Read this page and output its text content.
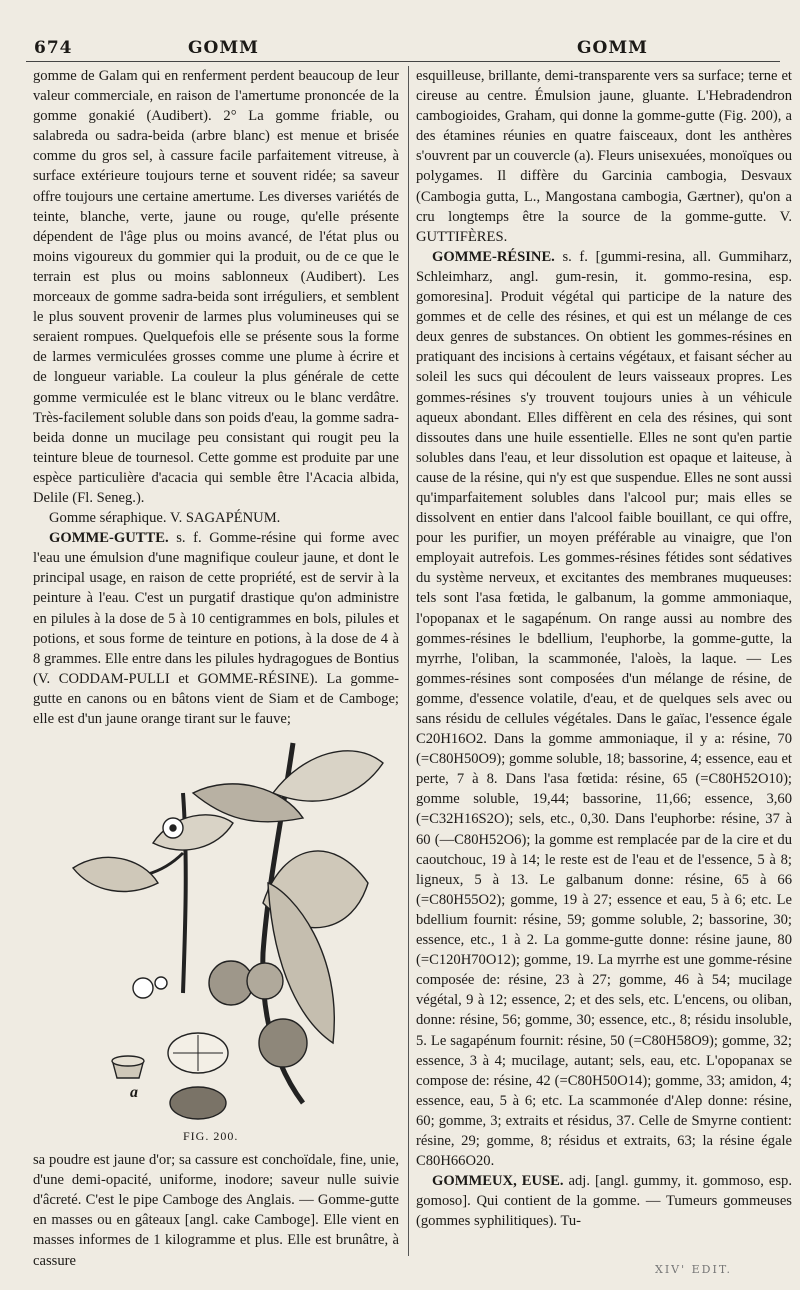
674	GOMM	GOMM

gomme de Galam qui en renferment perdent beaucoup de leur valeur commerciale, en raison de l'amertume prononcée de la gomme gonakié (Audibert). 2° La gomme friable, ou salabreda ou sadra-beida (arbre blanc) est menue et brisée comme du gros sel, à cassure facile parfaitement vitreuse, à surface extérieure toujours terne et souvent ridée; sa saveur offre toujours une certaine amertume. Les diverses variétés de teinte, blanche, verte, jaune ou rouge, qu'elle présente dépendent de l'âge plus ou moins avancé, de l'état plus ou moins vigoureux du gommier qui la produit, ou de ce que le terrain est plus ou moins sablonneux (Audibert). Les morceaux de gomme sadra-beida sont irréguliers, et semblent le plus souvent provenir de larmes plus volumineuses qui se seraient rompues. Quelquefois elle se présente sous la forme de larmes vermiculées grosses comme une plume à écrire et de longueur variable. La couleur la plus générale de cette gomme vermiculée est le blanc vitreux ou le blanc verdâtre. Très-facilement soluble dans son poids d'eau, la gomme sadra-beida donne un mucilage peu consistant qui rougit peu la teinture bleue de tournesol. Cette gomme est produite par une espèce particulière d'acacia qui semble être l'Acacia albida, Delile (Fl. Seneg.).

Gomme séraphique. V. SAGAPÉNUM.

GOMME-GUTTE. s. f. Gomme-résine qui forme avec l'eau une émulsion d'une magnifique couleur jaune, et dont le principal usage, en raison de cette propriété, est de servir à la peinture à l'eau. C'est un purgatif drastique qu'on administre en pilules à la dose de 5 à 10 centigrammes en bols, pilules et potions, et sous forme de teinture en potions, à la dose de 4 à 8 grammes. Elle entre dans les pilules hydragogues de Bontius (V. CODDAM-PULLI et GOMME-RÉSINE). La gomme-gutte en canons ou en bâtons vient de Siam et de Camboge; elle est d'un jaune orange tirant sur le fauve;

a
FIG. 200.

sa poudre est jaune d'or; sa cassure est conchoïdale, fine, unie, d'une demi-opacité, uniforme, inodore; saveur nulle suivie d'âcreté. C'est le pipe Camboge des Anglais. — Gomme-gutte en masses ou en gâteaux [angl. cake Camboge]. Elle vient en masses informes de 1 kilogramme et plus. Elle est brunâtre, à cassure

esquilleuse, brillante, demi-transparente vers sa surface; terne et cireuse au centre. Émulsion jaune, gluante. L'Hebradendron cambogioides, Graham, qui donne la gomme-gutte (Fig. 200), a des étamines réunies en quatre faisceaux, dont les anthères s'ouvrent par un couvercle (a). Fleurs unisexuées, monoïques ou polygames. Il diffère du Garcinia cambogia, Desvaux (Cambogia gutta, L., Mangostana cambogia, Gærtner), qu'on a cru longtemps être la source de la gomme-gutte. V. GUTTIFÈRES.

GOMME-RÉSINE. s. f. [gummi-resina, all. Gummiharz, Schleimharz, angl. gum-resin, it. gommo-resina, esp. gomoresina]. Produit végétal qui participe de la nature des gommes et de celle des résines, et qui est un mélange de ces deux genres de substances. On obtient les gommes-résines en pratiquant des incisions à certains végétaux, et faisant sécher au soleil les sucs qui découlent de leurs vaisseaux propres. Les gommes-résines s'y trouvent toujours unies à un véhicule aqueux abondant. Elles diffèrent en cela des résines, qui sont dissoutes dans une huile essentielle. Elles ne sont qu'en partie solubles dans l'eau, et leur dissolution est opaque et laiteuse, à cause de la résine, qui n'y est que suspendue. Elles ne sont aussi qu'imparfaitement solubles dans l'alcool pur; mais elles se dissolvent en entier dans l'alcool faible bouillant, ce qui offre, pour les purifier, un moyen préférable au vinaigre, que l'on employait autrefois. Les gommes-résines fétides sont sédatives du système nerveux, et excitantes des membranes muqueuses: tels sont l'asa fœtida, le galbanum, la gomme ammoniaque, l'opopanax et le sagapénum. On range aussi au nombre des gommes-résines le bdellium, l'euphorbe, la gomme-gutte, la myrrhe, l'oliban, la scammonée, l'aloès, la laque. — Les gommes-résines sont composées d'un mélange de résine, de gomme, d'essence volatile, d'eau, et de quelques sels avec ou sans résidu de cellules végétales. Dans le gaïac, l'essence égale C20H16O2. Dans la gomme ammoniaque, il y a: résine, 70 (=C80H50O9); gomme soluble, 18; bassorine, 4; essence, eau et perte, 7 à 8. Dans l'asa fœtida: résine, 65 (=C80H52O10); gomme soluble, 19,44; bassorine, 11,66; essence, 3,60 (=C32H16S2O); sels, etc., 0,30. Dans l'euphorbe: résine, 37 à 60 (—C80H52O6); la gomme est remplacée par de la cire et du caoutchouc, 19 à 14; le reste est de l'eau et de l'essence, 5 à 8; ligneux, 5 à 13. Le galbanum donne: résine, 65 à 66 (=C80H55O2); gomme, 19 à 27; essence et eau, 5 à 6; etc. Le bdellium fournit: résine, 59; gomme soluble, 2; bassorine, 30; essence, etc., 1 à 2. La gomme-gutte donne: résine jaune, 80 (=C120H70O12); gomme, 19. La myrrhe est une gomme-résine composée de: résine, 23 à 27; gomme, 46 à 54; mucilage végétal, 9 à 12; essence, 2; et des sels, etc. L'encens, ou oliban, donne: résine, 56; gomme, 30; essence, etc., 8; résidu insoluble, 5. Le sagapénum fournit: résine, 50 (=C80H58O9); gomme, 32; essence, 3 à 4; mucilage, autant; sels, eau, etc. L'opopanax se compose de: résine, 42 (=C80H50O14); gomme, 33; amidon, 4; essence, eau, 5 à 6; etc. La scammonée d'Alep donne: résine, 60; gomme, 3; extraits et résidus, 37. Celle de Smyrne contient: résine, 29; gomme, 8; résidus et extraits, 63; la résine égale C80H66O20.

GOMMEUX, EUSE. adj. [angl. gummy, it. gommoso, esp. gomoso]. Qui contient de la gomme. — Tumeurs gommeuses (gommes syphilitiques). Tu-

XIV' EDIT.
